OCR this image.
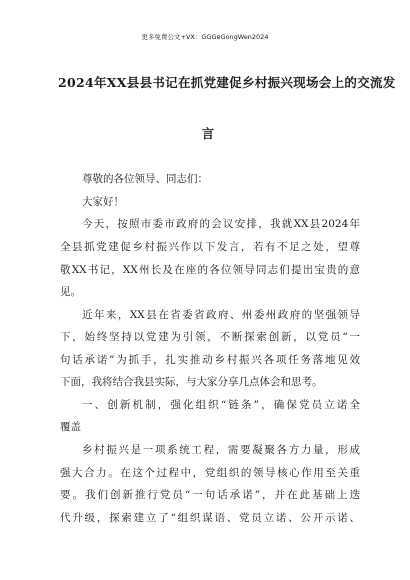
更多免费公文+VX：GGGeGongWen2024
2024年XX县县书记在抓党建促乡村振兴现场会上的交流发
言
尊敬的各位领导、同志们：
大家好！
今天，按照市委市政府的会议安排，我就XX县2024年
全县抓党建促乡村振兴作以下发言，若有不足之处，望尊
敬XX书记，XX州长及在座的各位领导同志们提出宝贵的意
见。
近年来，XX县在省委省政府、州委州政府的坚强领导
下，始终坚持以党建为引领，不断探索创新，以党员“一
句话承诺”为抓手，扎实推动乡村振兴各项任务落地见效
下面，我将结合我县实际，与大家分享几点体会和思考。
一、创新机制，强化组织“链条”，确保党员立诺全
覆盖
乡村振兴是一项系统工程，需要凝聚各方力量，形成
强大合力。在这个过程中，党组织的领导核心作用至关重
要。我们创新推行党员“一句话承诺”，并在此基础上迭
代升级，探索建立了“组织谋语、党员立诺、公开示诺、
